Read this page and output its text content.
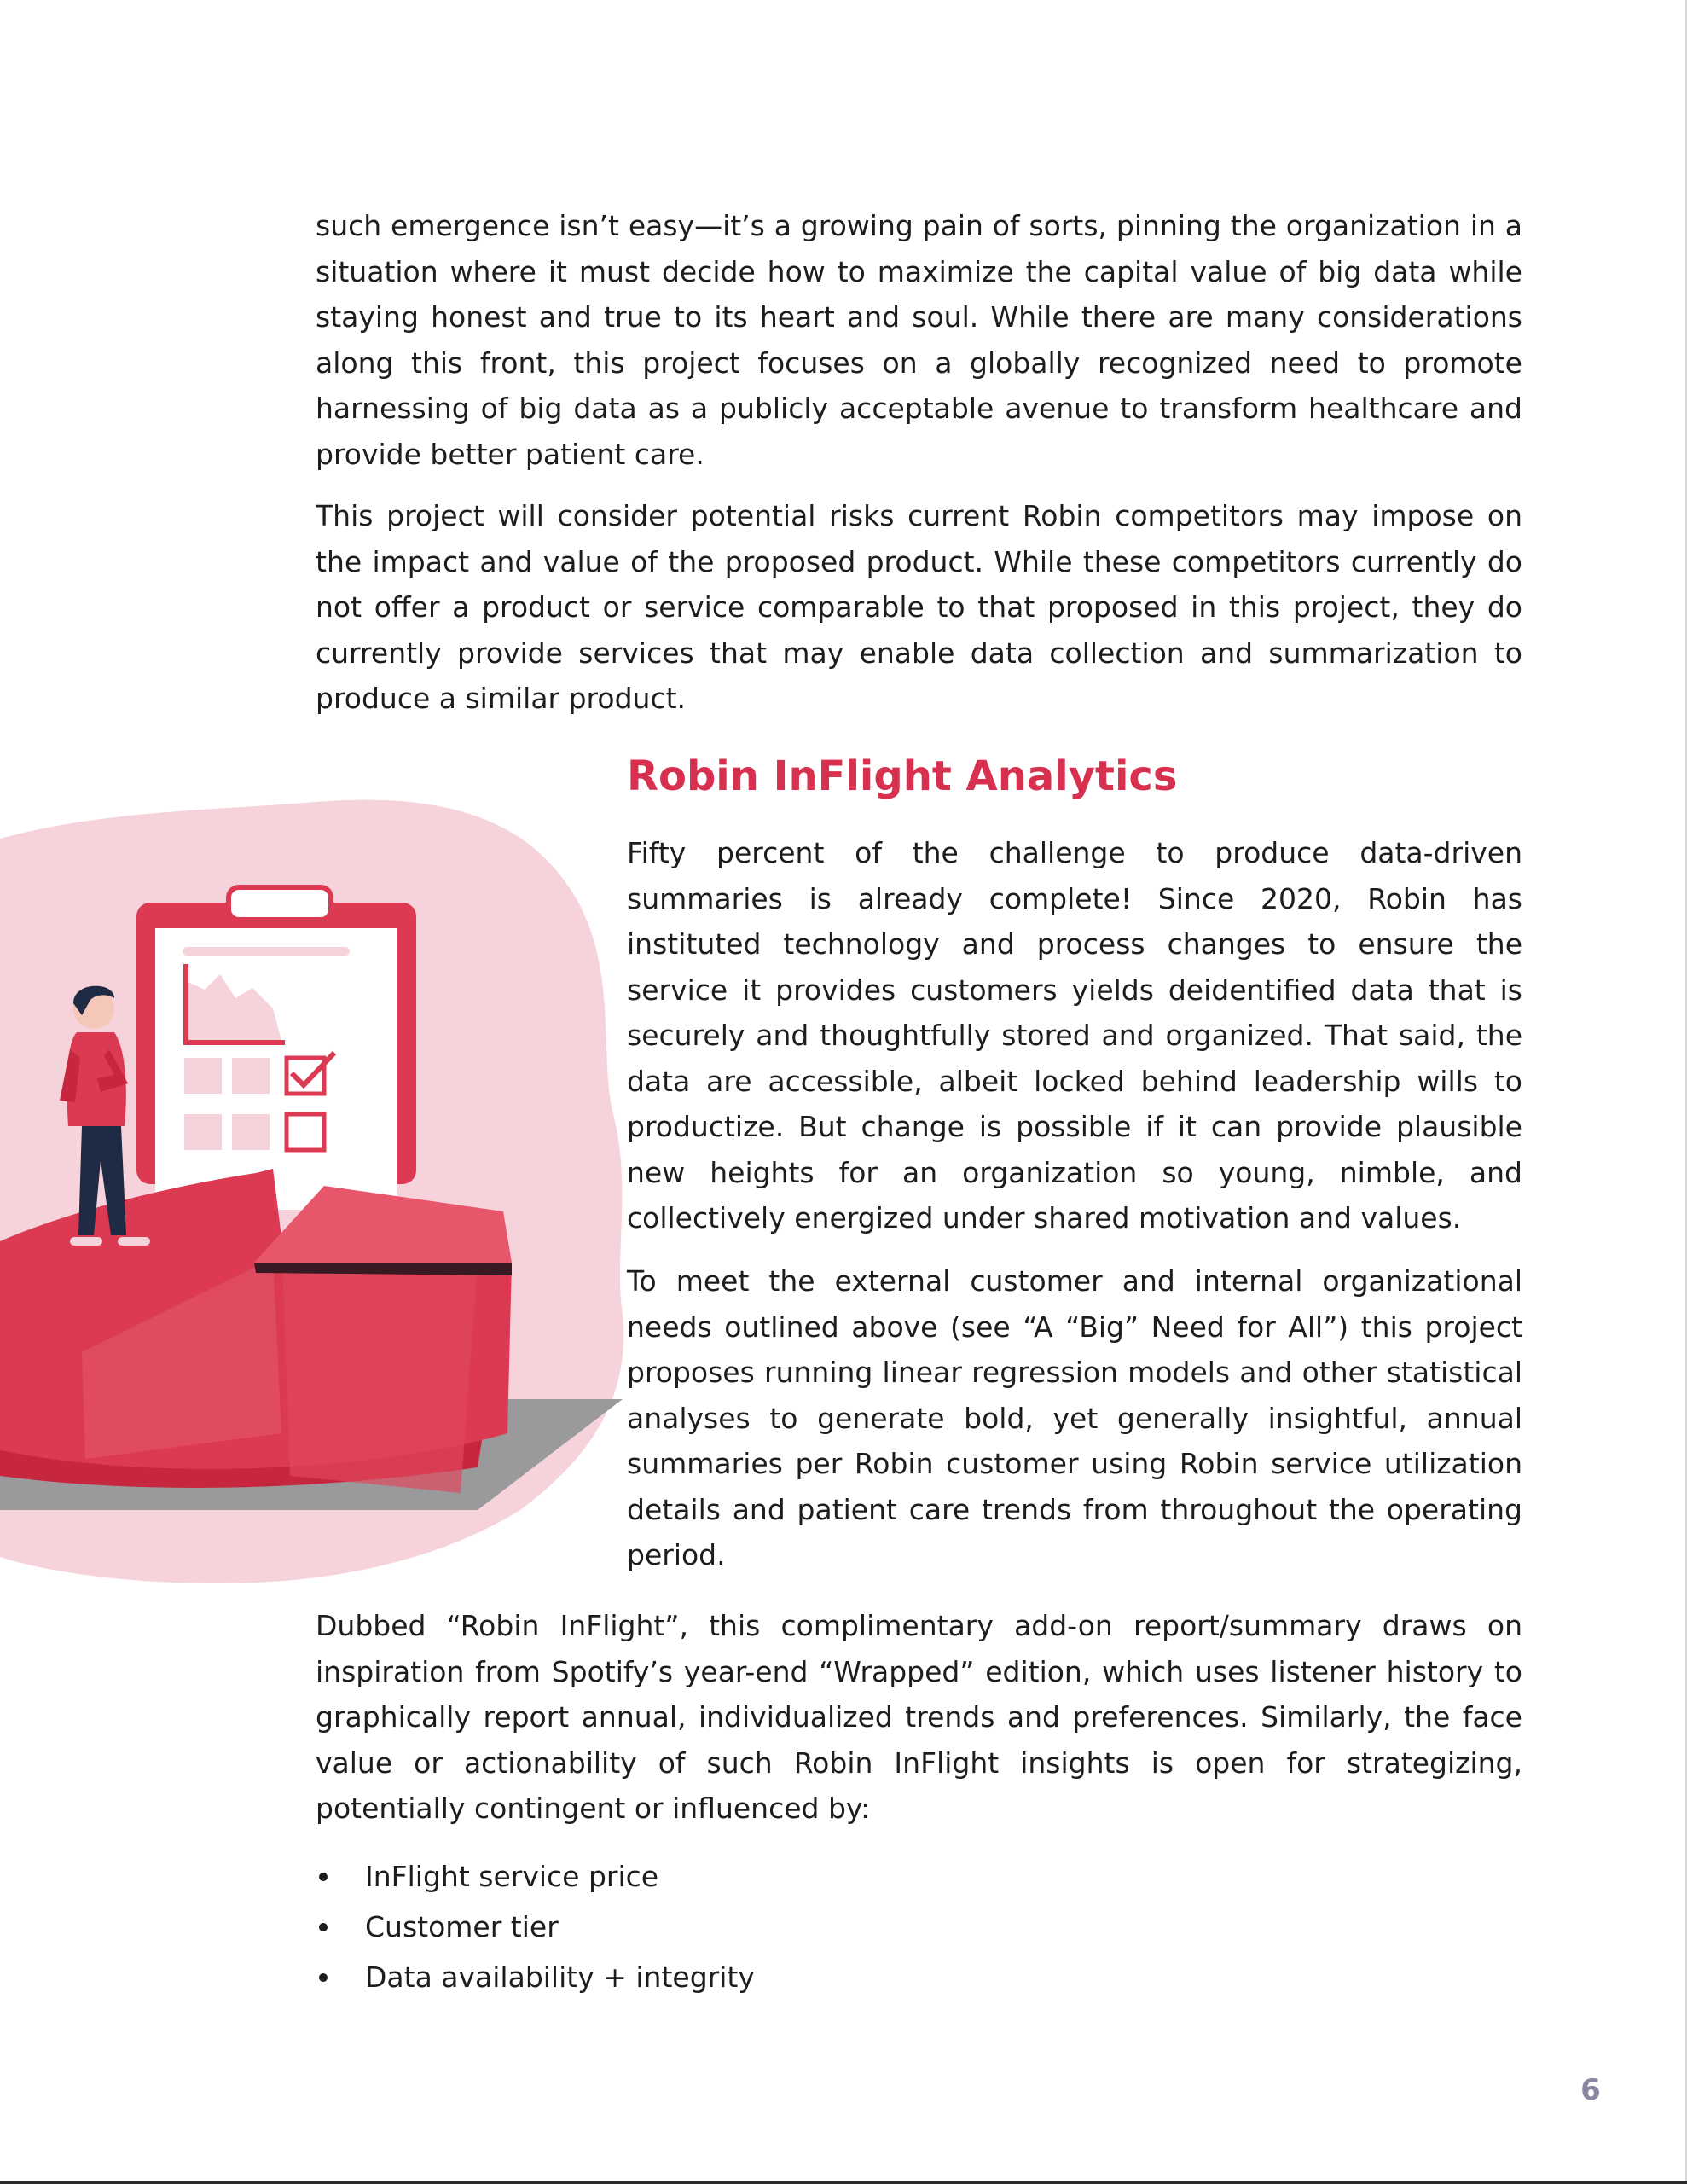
such emergence isn’t easy—it’s a growing pain of sorts, pinning the organization in a situation where it must decide how to maximize the capital value of big data while staying honest and true to its heart and soul. While there are many considerations along this front, this project focuses on a globally recognized need to promote harnessing of big data as a publicly acceptable avenue to transform healthcare and provide better patient care.

This project will consider potential risks current Robin competitors may impose on the impact and value of the proposed product. While these competitors currently do not offer a product or service comparable to that proposed in this project, they do currently provide services that may enable data collection and summarization to produce a similar product.

Robin InFlight Analytics

Fifty percent of the challenge to produce data-driven summaries is already complete! Since 2020, Robin has instituted technology and process changes to ensure the service it provides customers yields deidentified data that is securely and thoughtfully stored and organized. That said, the data are accessible, albeit locked behind leadership wills to productize. But change is possible if it can provide plausible new heights for an organization so young, nimble, and collectively energized under shared motivation and values.

To meet the external customer and internal organizational needs outlined above (see “A “Big” Need for All”) this project proposes running linear regression models and other statistical analyses to generate bold, yet generally insightful, annual summaries per Robin customer using Robin service utilization details and patient care trends from throughout the operating period.

Dubbed “Robin InFlight”, this complimentary add-on report/summary draws on inspiration from Spotify’s year-end “Wrapped” edition, which uses listener history to graphically report annual, individualized trends and preferences. Similarly, the face value or actionability of such Robin InFlight insights is open for strategizing, potentially contingent or influenced by:

InFlight service price
Customer tier
Data availability + integrity
6
